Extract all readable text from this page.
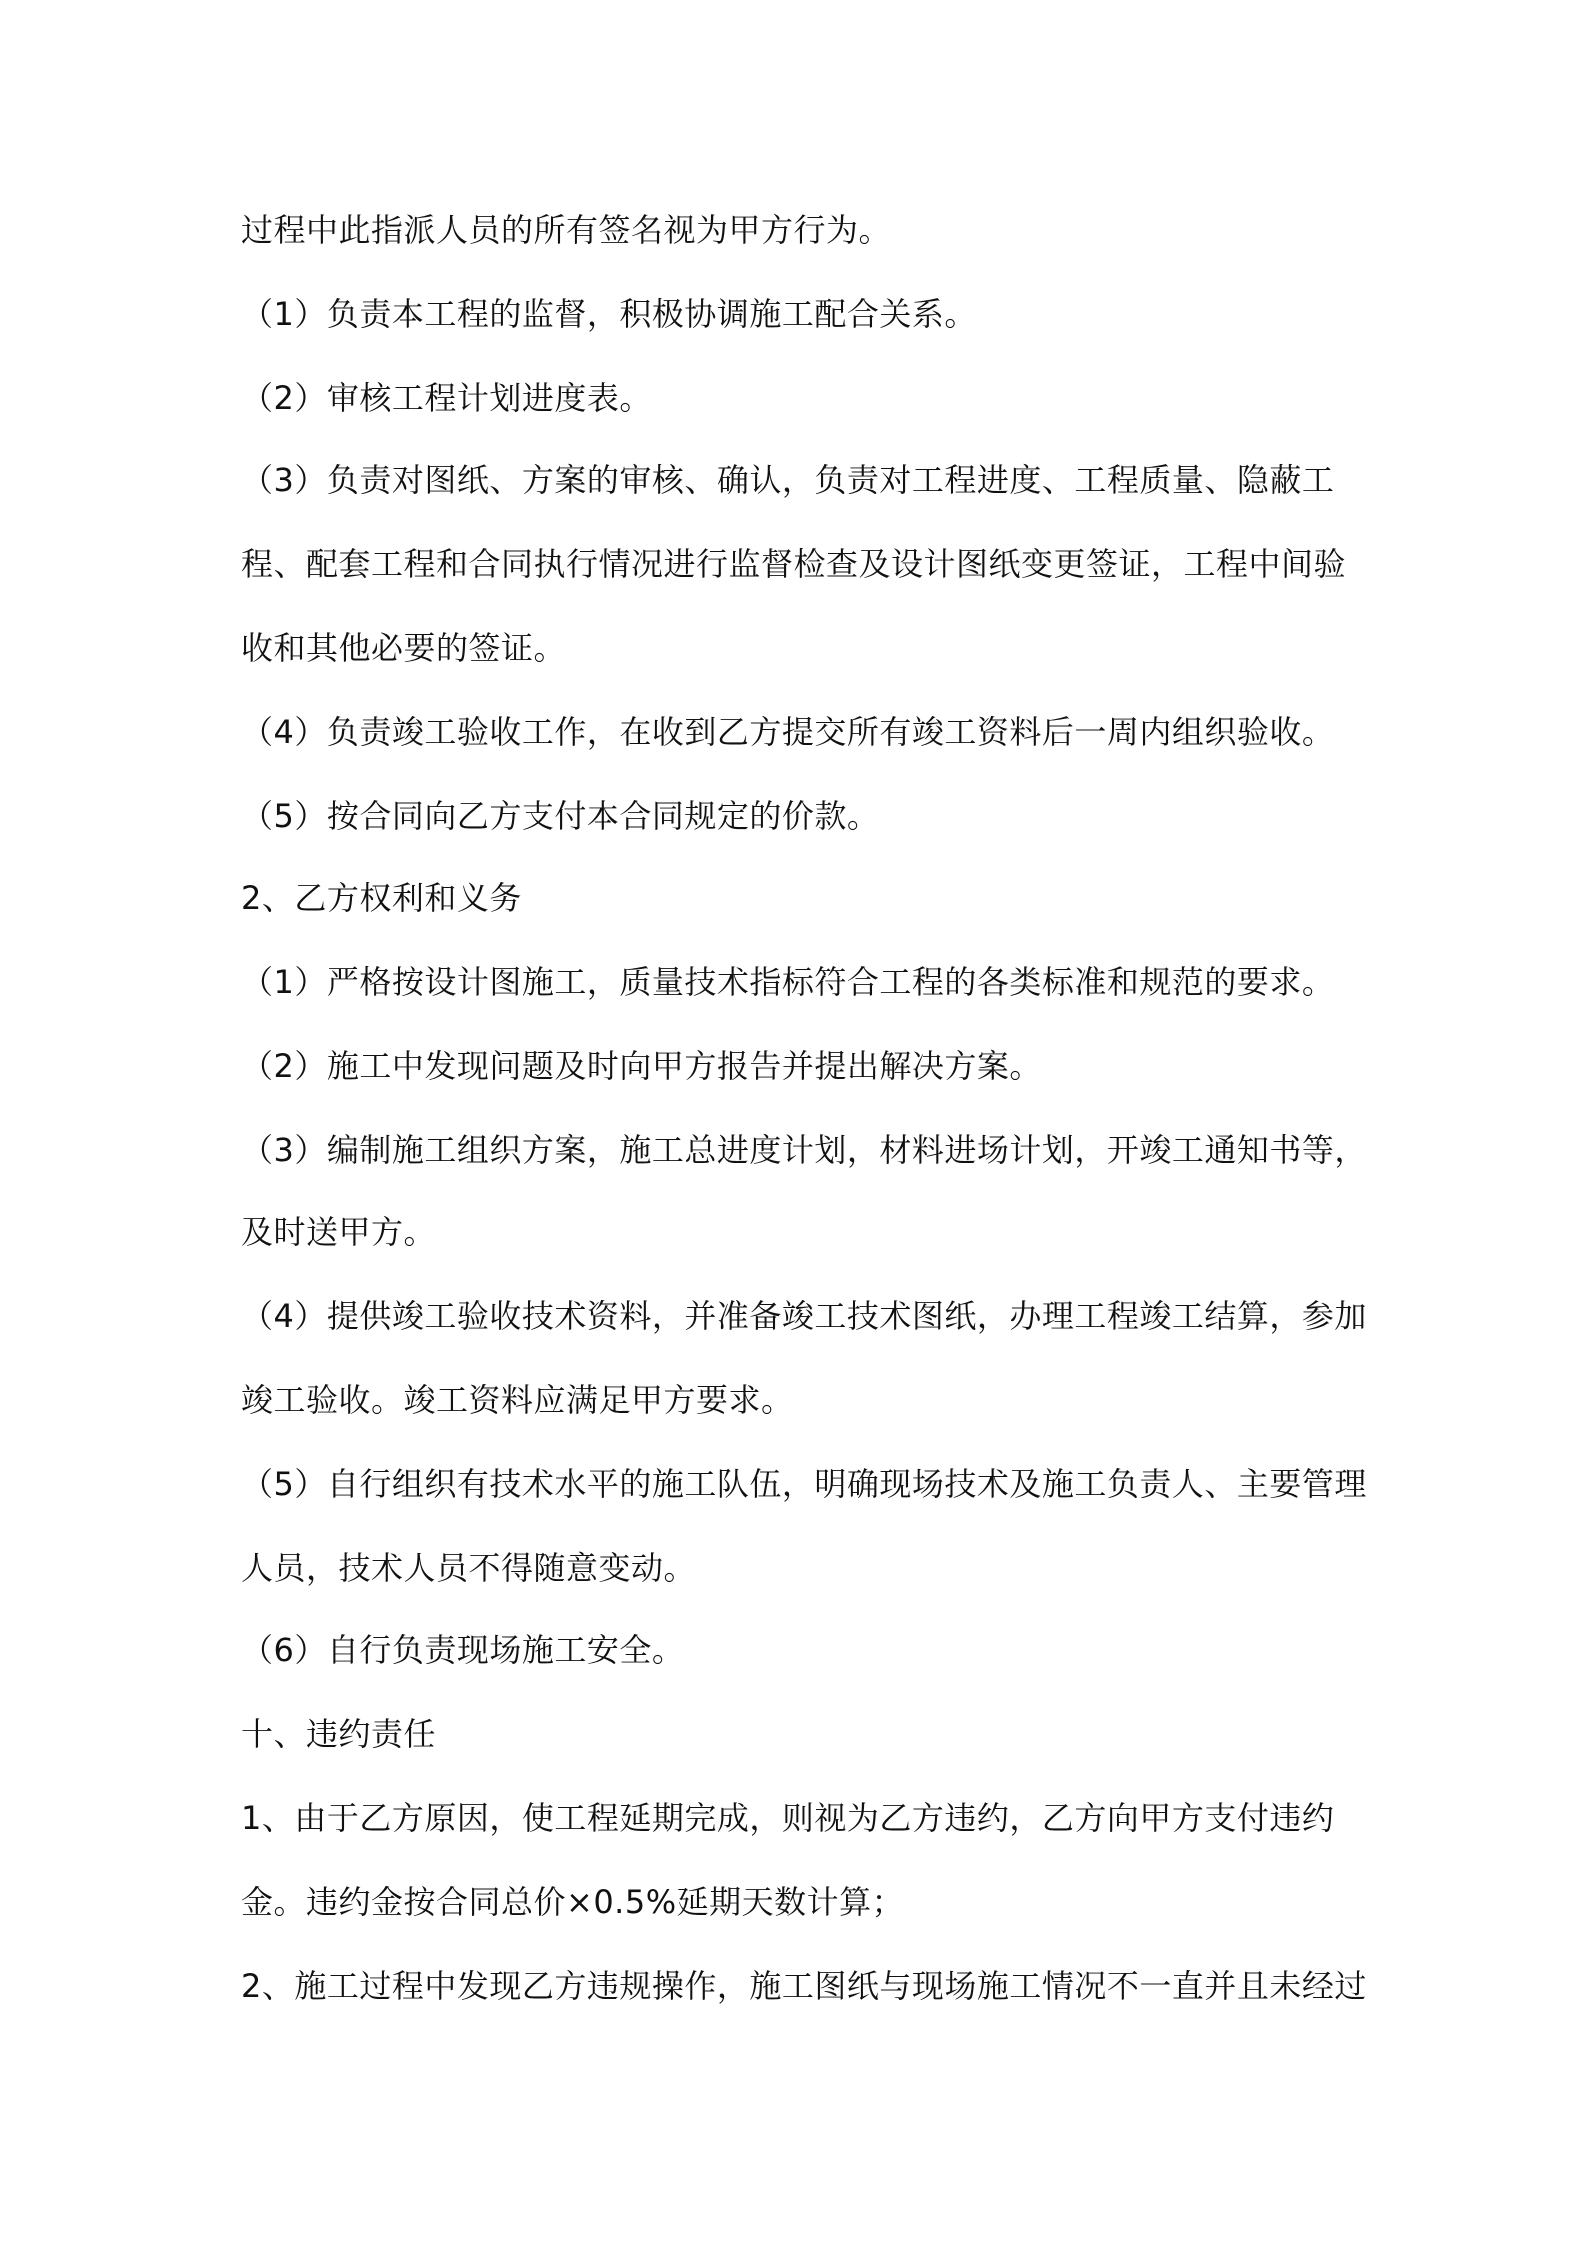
过程中此指派人员的所有签名视为甲方行为。
（1）负责本工程的监督，积极协调施工配合关系。
（2）审核工程计划进度表。
（3）负责对图纸、方案的审核、确认，负责对工程进度、工程质量、隐蔽工
程、配套工程和合同执行情况进行监督检查及设计图纸变更签证，工程中间验
收和其他必要的签证。
（4）负责竣工验收工作，在收到乙方提交所有竣工资料后一周内组织验收。
（5）按合同向乙方支付本合同规定的价款。
2、乙方权利和义务
（1）严格按设计图施工，质量技术指标符合工程的各类标准和规范的要求。
（2）施工中发现问题及时向甲方报告并提出解决方案。
（3）编制施工组织方案，施工总进度计划，材料进场计划，开竣工通知书等，
及时送甲方。
（4）提供竣工验收技术资料，并准备竣工技术图纸，办理工程竣工结算，参加
竣工验收。竣工资料应满足甲方要求。
（5）自行组织有技术水平的施工队伍，明确现场技术及施工负责人、主要管理
人员，技术人员不得随意变动。
（6）自行负责现场施工安全。
十、违约责任
1、由于乙方原因，使工程延期完成，则视为乙方违约，乙方向甲方支付违约
金。违约金按合同总价×0.5%延期天数计算；
2、施工过程中发现乙方违规操作，施工图纸与现场施工情况不一直并且未经过
